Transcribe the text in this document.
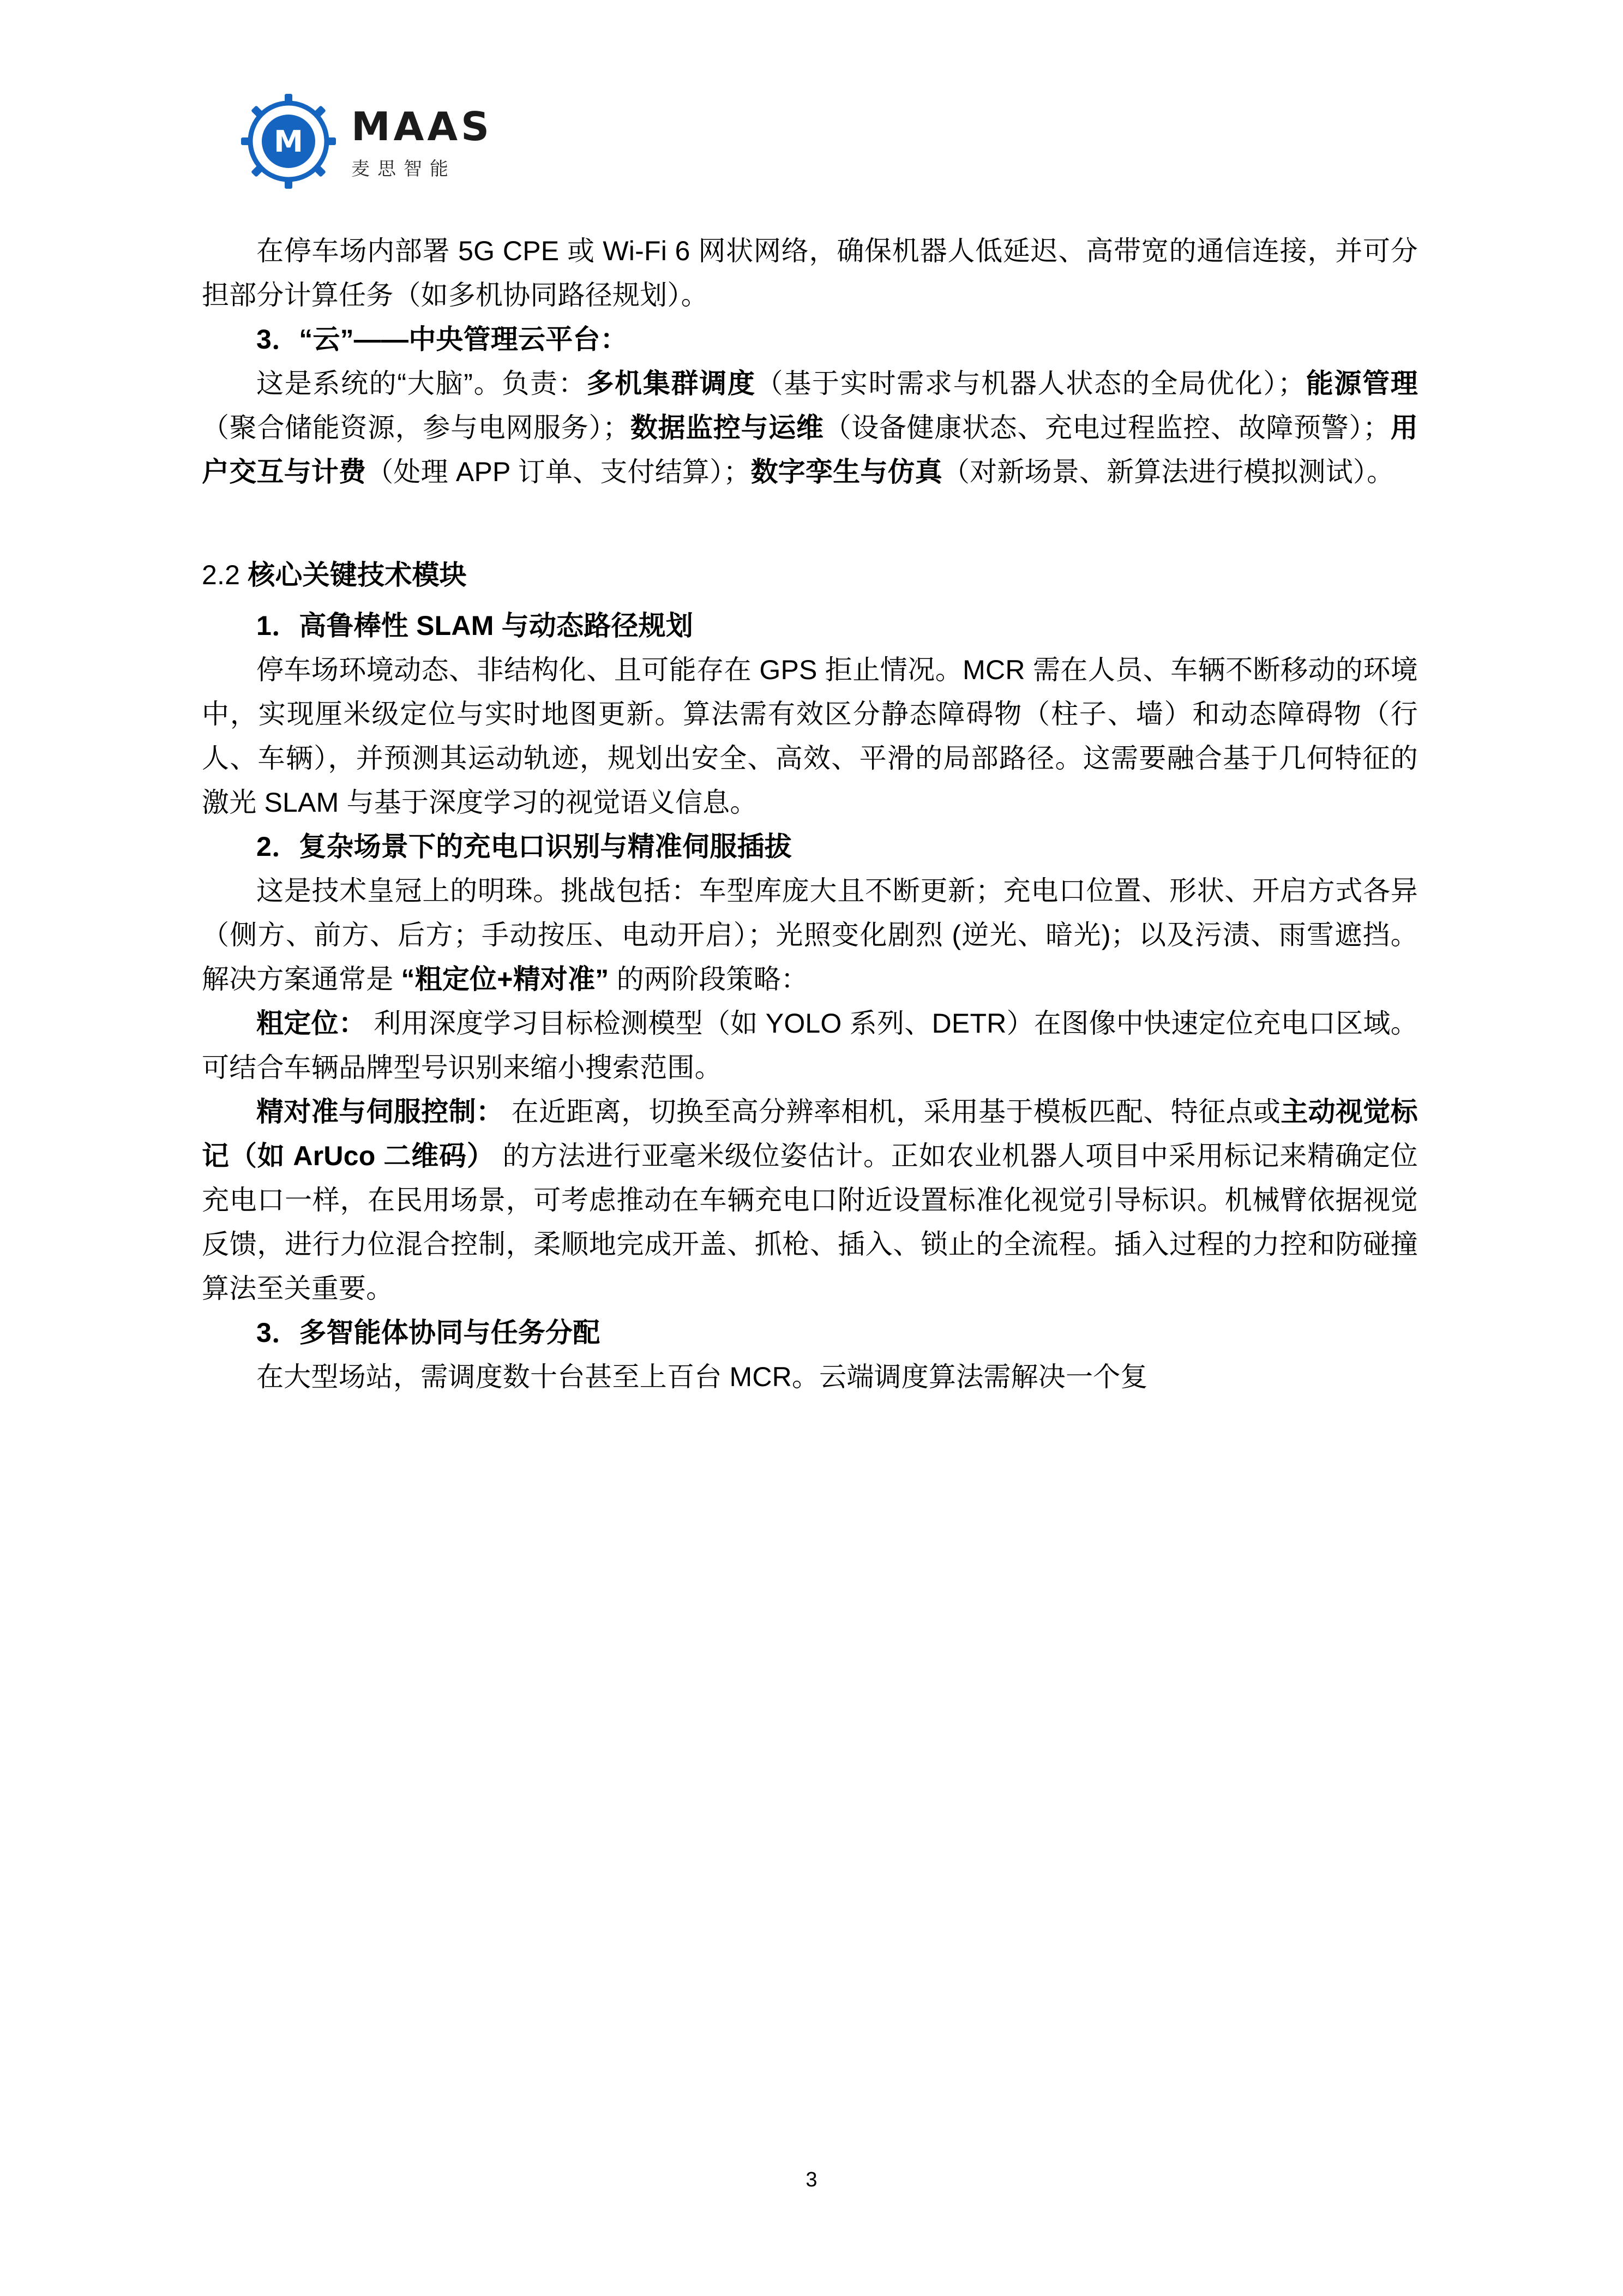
M MAAS
麦思智能

在停车场内部署 5G CPE 或 Wi-Fi 6 网状网络，确保机器人低延迟、高带宽的通信连接，并可分担部分计算任务（如多机协同路径规划）。

3．“云”——中央管理云平台：

这是系统的“大脑”。负责：多机集群调度（基于实时需求与机器人状态的全局优化）；能源管理（聚合储能资源，参与电网服务）；数据监控与运维（设备健康状态、充电过程监控、故障预警）；用户交互与计费（处理 APP 订单、支付结算）；数字孪生与仿真（对新场景、新算法进行模拟测试）。

2.2 核心关键技术模块

1．高鲁棒性 SLAM 与动态路径规划

停车场环境动态、非结构化、且可能存在 GPS 拒止情况。MCR 需在人员、车辆不断移动的环境中，实现厘米级定位与实时地图更新。算法需有效区分静态障碍物（柱子、墙）和动态障碍物（行人、车辆），并预测其运动轨迹，规划出安全、高效、平滑的局部路径。这需要融合基于几何特征的激光 SLAM 与基于深度学习的视觉语义信息。

2．复杂场景下的充电口识别与精准伺服插拔

这是技术皇冠上的明珠。挑战包括：车型库庞大且不断更新；充电口位置、形状、开启方式各异（侧方、前方、后方；手动按压、电动开启）；光照变化剧烈 (逆光、暗光)；以及污渍、雨雪遮挡。解决方案通常是 “粗定位+精对准” 的两阶段策略：

粗定位： 利用深度学习目标检测模型（如 YOLO 系列、DETR）在图像中快速定位充电口区域。可结合车辆品牌型号识别来缩小搜索范围。

精对准与伺服控制： 在近距离，切换至高分辨率相机，采用基于模板匹配、特征点或主动视觉标记（如 ArUco 二维码） 的方法进行亚毫米级位姿估计。正如农业机器人项目中采用标记来精确定位充电口一样，在民用场景，可考虑推动在车辆充电口附近设置标准化视觉引导标识。机械臂依据视觉反馈，进行力位混合控制，柔顺地完成开盖、抓枪、插入、锁止的全流程。插入过程的力控和防碰撞算法至关重要。

3．多智能体协同与任务分配

在大型场站，需调度数十台甚至上百台 MCR。云端调度算法需解决一个复

3
